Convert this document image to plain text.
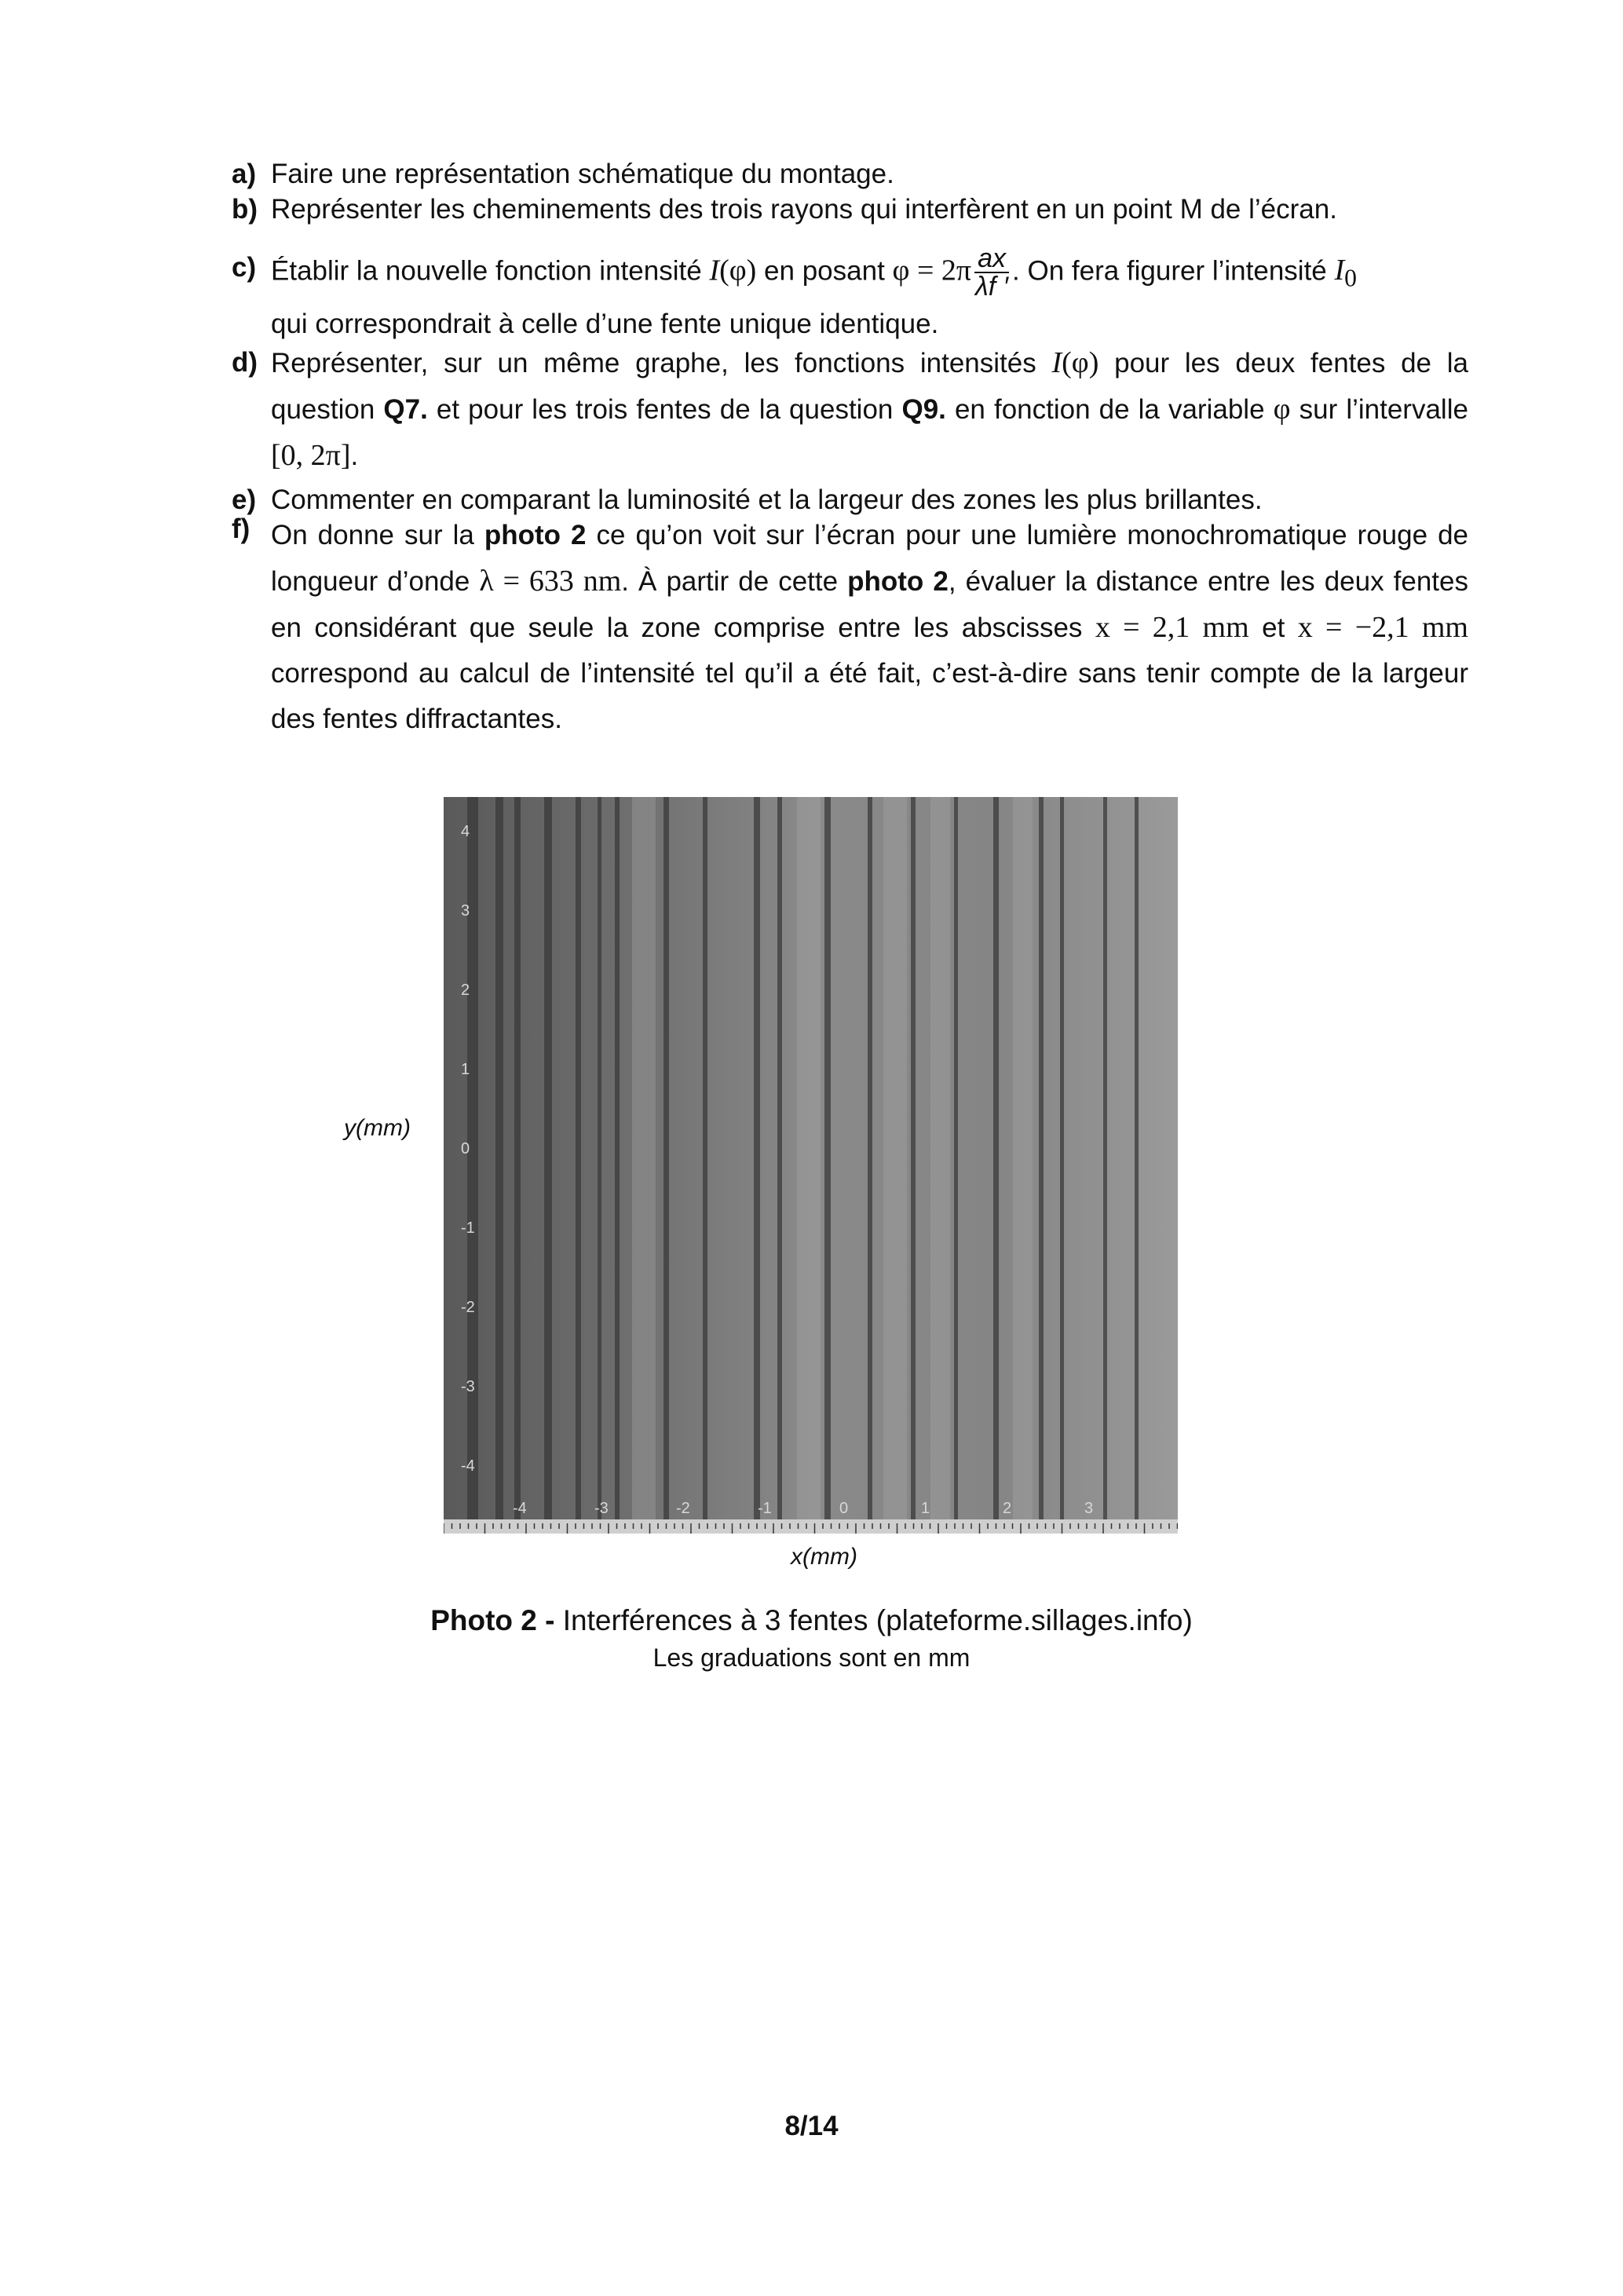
a) Faire une représentation schématique du montage.
b) Représenter les cheminements des trois rayons qui interfèrent en un point M de l’écran.
c) Établir la nouvelle fonction intensité I(φ) en posant $\varphi = 2\pi \frac{ax}{\lambda f '}$ . On fera figurer l’intensité $I_0$
qui correspondrait à celle d’une fente unique identique.
d) Représenter, sur un même graphe, les fonctions intensités I(φ) pour les deux fentes de la question Q7. et pour les trois fentes de la question Q9. en fonction de la variable φ sur l’intervalle [0, 2π].
e) Commenter en comparant la luminosité et la largeur des zones les plus brillantes.
f) On donne sur la photo 2 ce qu’on voit sur l’écran pour une lumière monochromatique rouge de longueur d’onde λ = 633 nm. À partir de cette photo 2, évaluer la distance entre les deux fentes en considérant que seule la zone comprise entre les abscisses x = 2,1 mm et x = −2,1 mm correspond au calcul de l’intensité tel qu’il a été fait, c’est-à-dire sans tenir compte de la largeur des fentes diffractantes.
y(mm)
4
3
2
1
0
-1
-2
-3
-4
-4	-3	-2	-1	0	1	2	3
x(mm)
Photo 2 - Interférences à 3 fentes (plateforme.sillages.info)
Les graduations sont en mm
8/14
